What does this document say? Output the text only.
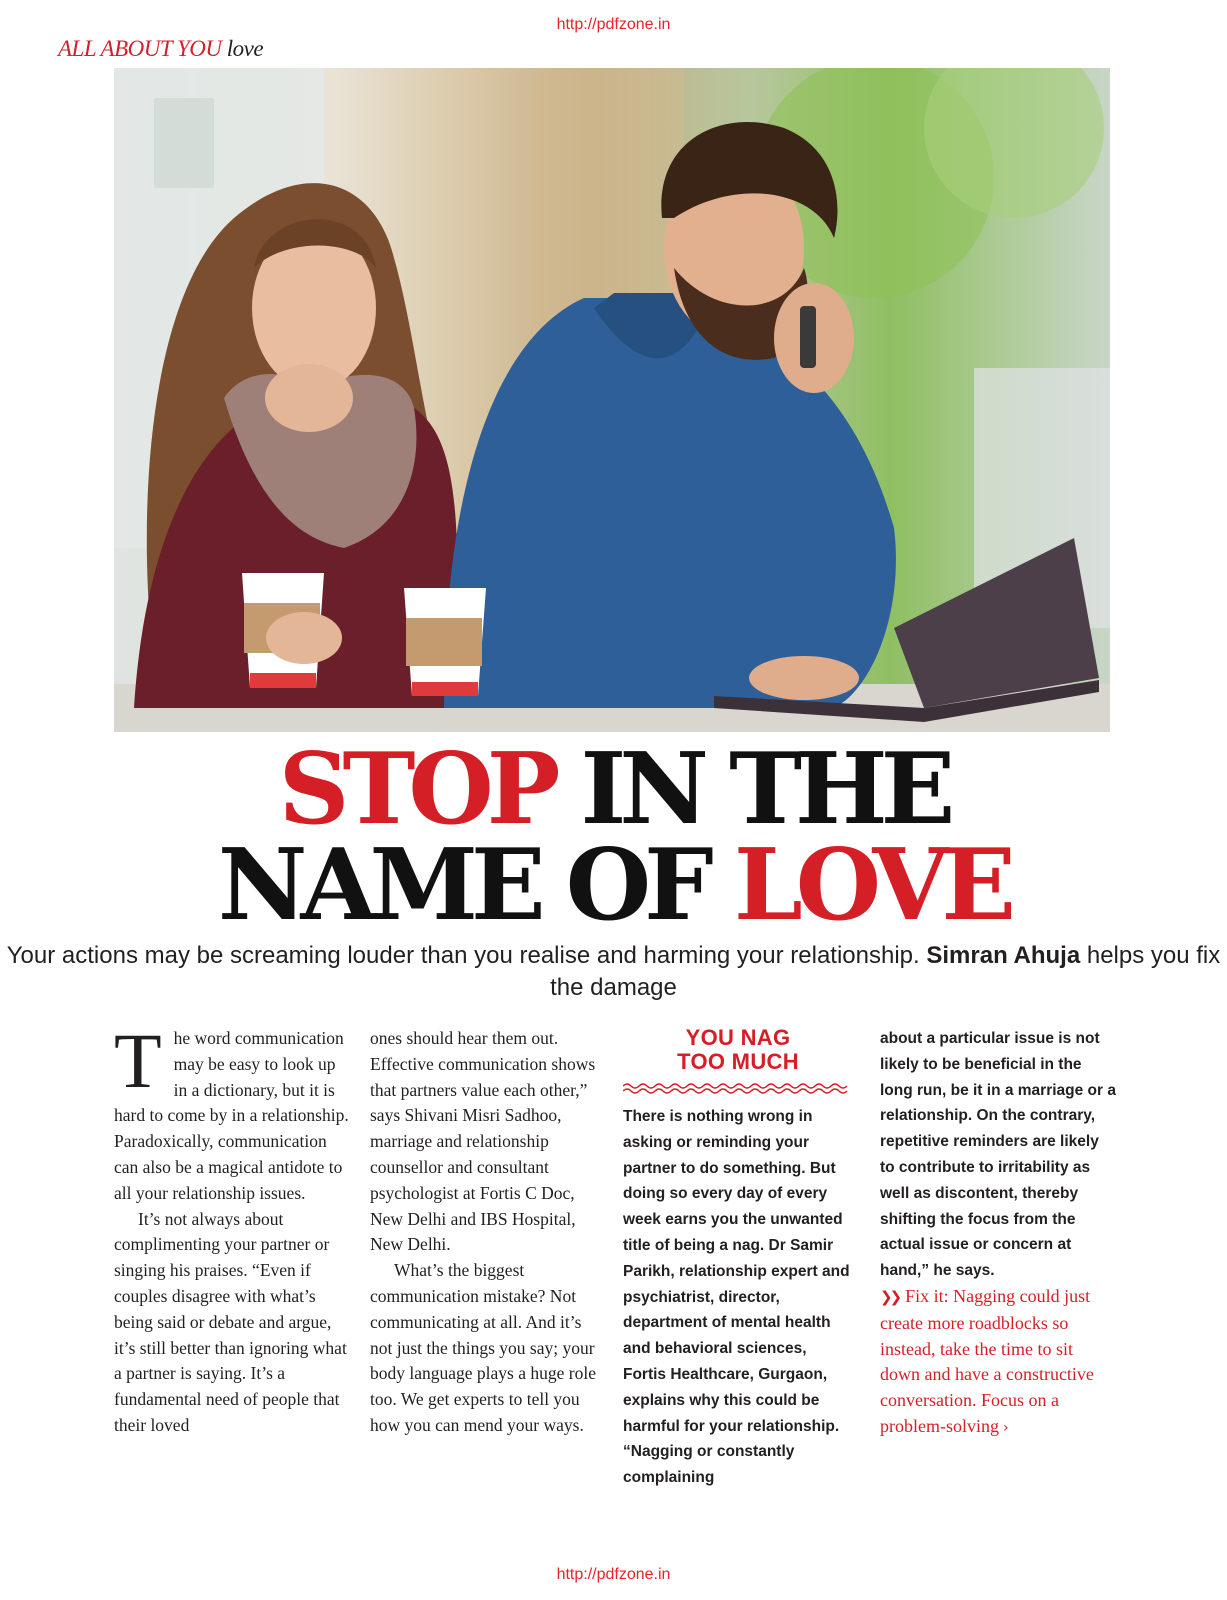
http://pdfzone.in
ALL ABOUT YOU love
STOP IN THE
NAME OF LOVE
Your actions may be screaming louder than you realise and harming your relationship. Simran Ahuja helps you fix the damage

The word communication may be easy to look up in a dictionary, but it is hard to come by in a relationship. Paradoxically, communication can also be a magical antidote to all your relationship issues.

It’s not always about complimenting your partner or singing his praises. “Even if couples disagree with what’s being said or debate and argue, it’s still better than ignoring what a partner is saying. It’s a fundamental need of people that their loved

ones should hear them out. Effective communication shows that partners value each other,” says Shivani Misri Sadhoo, marriage and relationship counsellor and consultant psychologist at Fortis C Doc, New Delhi and IBS Hospital, New Delhi.

What’s the biggest communication mistake? Not communicating at all. And it’s not just the things you say; your body language plays a huge role too. We get experts to tell you how you can mend your ways.

YOU NAG
TOO MUCH

There is nothing wrong in asking or reminding your partner to do something. But doing so every day of every week earns you the unwanted title of being a nag. Dr Samir Parikh, relationship expert and psychiatrist, director, department of mental health and behavioral sciences, Fortis Healthcare, Gurgaon, explains why this could be harmful for your relationship. “Nagging or constantly complaining

about a particular issue is not likely to be beneficial in the long run, be it in a marriage or a relationship. On the contrary, repetitive reminders are likely to contribute to irritability as well as discontent, thereby shifting the focus from the actual issue or concern at hand,” he says.

❯❯ Fix it: Nagging could just create more roadblocks so instead, take the time to sit down and have a constructive conversation. Focus on a problem-solving ›

http://pdfzone.in
